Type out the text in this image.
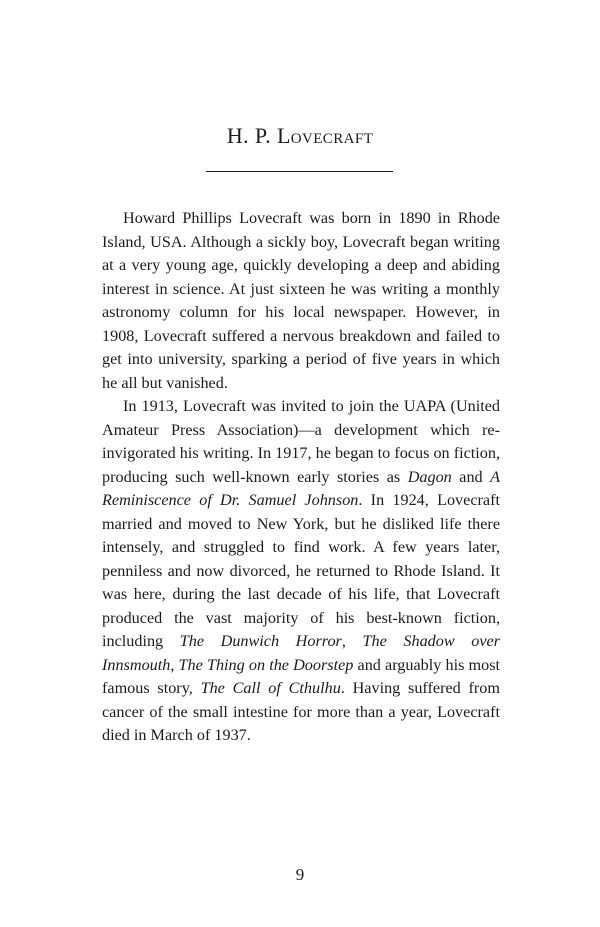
H. P. Lovecraft

Howard Phillips Lovecraft was born in 1890 in Rhode Island, USA. Although a sickly boy, Lovecraft began writing at a very young age, quickly developing a deep and abiding interest in science. At just sixteen he was writing a monthly astronomy column for his local newspaper. However, in 1908, Lovecraft suffered a nervous breakdown and failed to get into university, sparking a period of five years in which he all but vanished.

In 1913, Lovecraft was invited to join the UAPA (United Amateur Press Association)—a development which reinvigorated his writing. In 1917, he began to focus on fiction, producing such well-known early stories as Dagon and A Reminiscence of Dr. Samuel Johnson. In 1924, Lovecraft married and moved to New York, but he disliked life there intensely, and struggled to find work. A few years later, penniless and now divorced, he returned to Rhode Island. It was here, during the last decade of his life, that Lovecraft produced the vast majority of his best-known fiction, including The Dunwich Horror, The Shadow over Innsmouth, The Thing on the Doorstep and arguably his most famous story, The Call of Cthulhu. Having suffered from cancer of the small intestine for more than a year, Lovecraft died in March of 1937.

9
